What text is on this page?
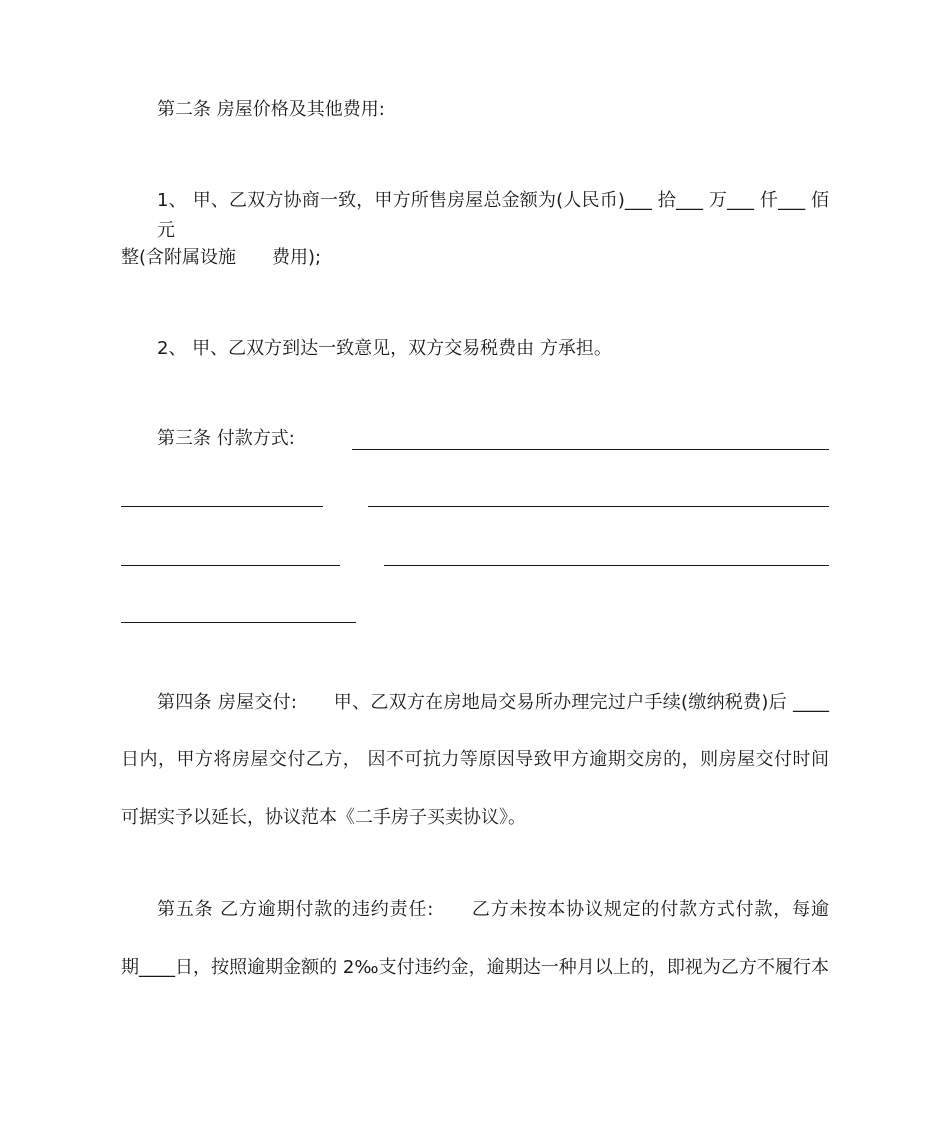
第二条 房屋价格及其他费用:
1、 甲、乙双方协商一致，甲方所售房屋总金额为(人民币)___ 拾___ 万___ 仟___ 佰元
整(含附属设施　　费用);
2、 甲、乙双方到达一致意见，双方交易税费由 方承担。
第三条 付款方式:
第四条 房屋交付:　　甲、乙双方在房地局交易所办理完过户手续(缴纳税费)后 ____
日内，甲方将房屋交付乙方， 因不可抗力等原因导致甲方逾期交房的，则房屋交付时间
可据实予以延长，协议范本《二手房子买卖协议》。
第五条 乙方逾期付款的违约责任:　　乙方未按本协议规定的付款方式付款，每逾
期____日，按照逾期金额的 2‰支付违约金，逾期达一种月以上的，即视为乙方不履行本
